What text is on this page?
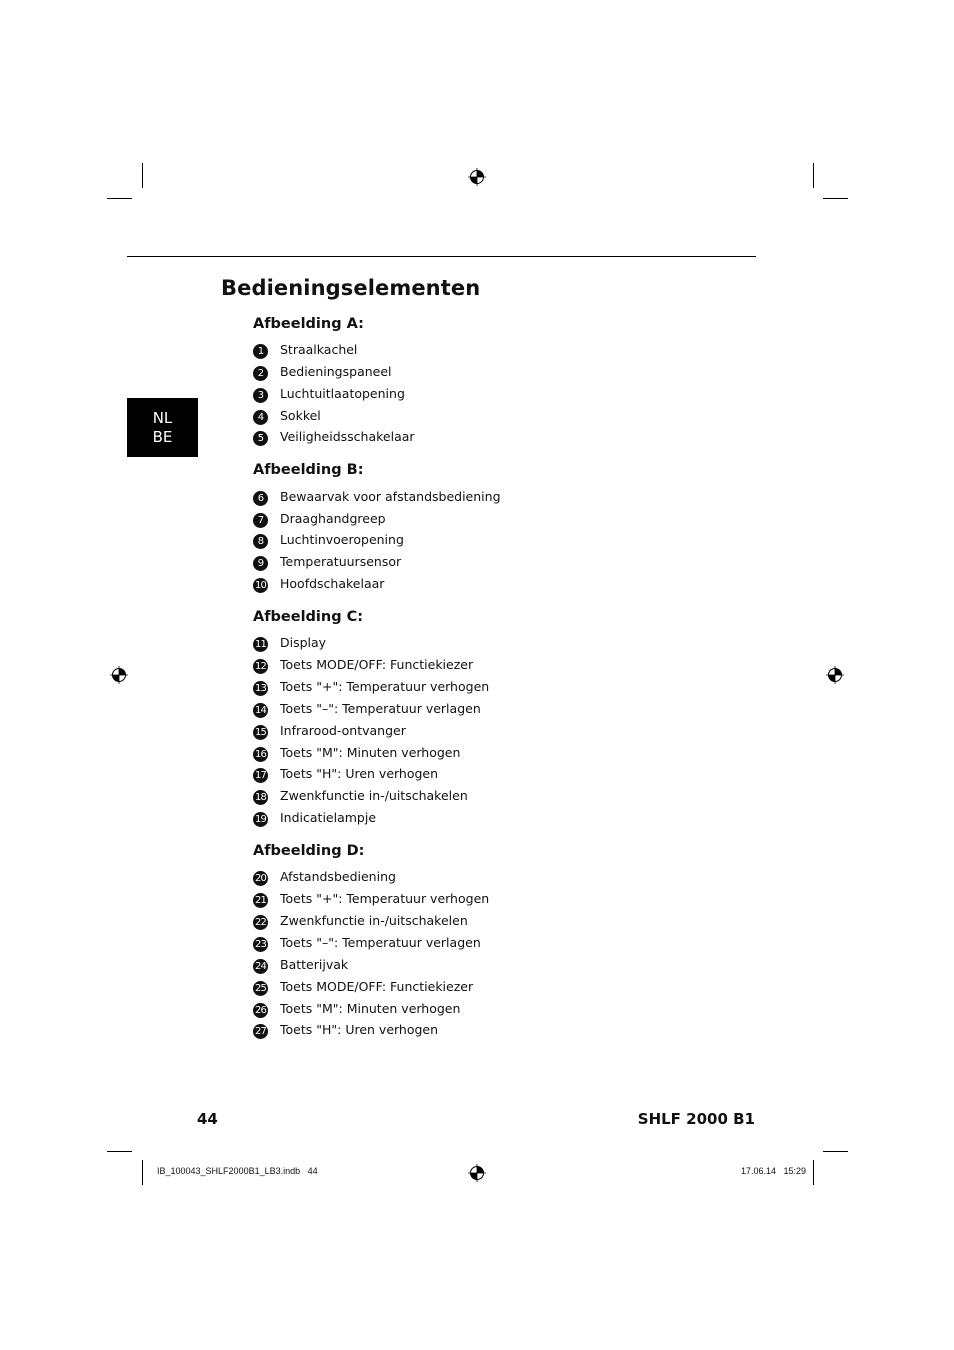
Bedieningselementen
NL
BE
Afbeelding A:
1	Straalkachel
2	Bedieningspaneel
3	Luchtuitlaatopening
4	Sokkel
5	Veiligheidsschakelaar
Afbeelding B:
6	Bewaarvak voor afstandsbediening
7	Draaghandgreep
8	Luchtinvoeropening
9	Temperatuursensor
10 Hoofdschakelaar
Afbeelding C:
11 Display
12 Toets MODE/OFF: Functiekiezer
13 Toets "+": Temperatuur verhogen
14 Toets "–": Temperatuur verlagen
15 Infrarood-ontvanger
16 Toets "M": Minuten verhogen
17 Toets "H": Uren verhogen
18 Zwenkfunctie in-/uitschakelen
19 Indicatielampje
Afbeelding D:
20 Afstandsbediening
21 Toets "+": Temperatuur verhogen
22 Zwenkfunctie in-/uitschakelen
23 Toets "–": Temperatuur verlagen
24 Batterijvak
25 Toets MODE/OFF: Functiekiezer
26 Toets "M": Minuten verhogen
27 Toets "H": Uren verhogen
44	SHLF 2000 B1
IB_100043_SHLF2000B1_LB3.indb   44	17.06.14   15:29
